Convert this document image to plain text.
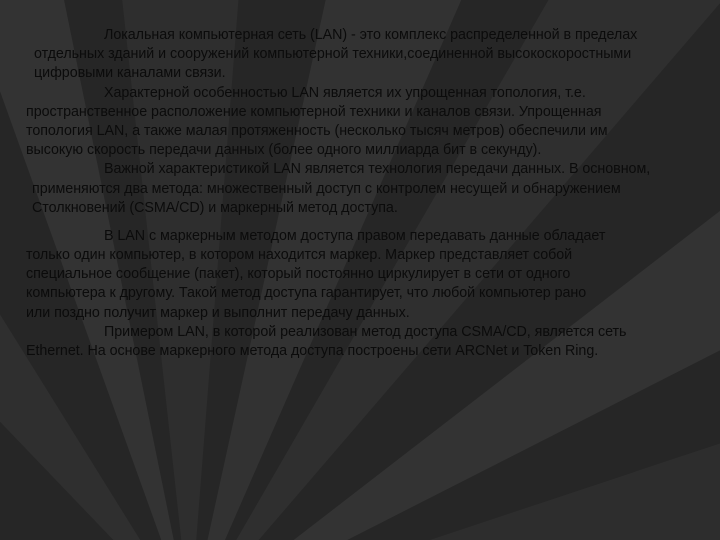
Локальная компьютерная сеть (LAN) - это комплекс распределенной в пределах
отдельных зданий и сооружений компьютерной техники,соединенной высокоскоростными
цифровыми каналами связи.
Характерной особенностью LAN является их упрощенная топология, т.е.
пространственное расположение компьютерной техники и каналов связи. Упрощенная
топология LAN, а также малая протяженность (несколько тысяч метров) обеспечили им
высокую скорость передачи данных (более одного миллиарда бит в секунду).
Важной характеристикой LAN является технология передачи данных. В основном,
применяются два метода: множественный доступ с контролем несущей и обнаружением
Столкновений (CSMA/CD) и маркерный метод доступа.
В LAN с маркерным методом доступа правом передавать данные обладает
только один компьютер, в котором находится маркер. Маркер представляет собой
специальное сообщение (пакет), который постоянно циркулирует в сети от одного
компьютера к другому. Такой метод доступа гарантирует, что любой компьютер рано
или поздно получит маркер и выполнит передачу данных.
Примером LAN, в которой реализован метод доступа CSMA/CD, является сеть
Ethernet. На основе маркерного метода доступа построены сети ARCNet и Token Ring.
